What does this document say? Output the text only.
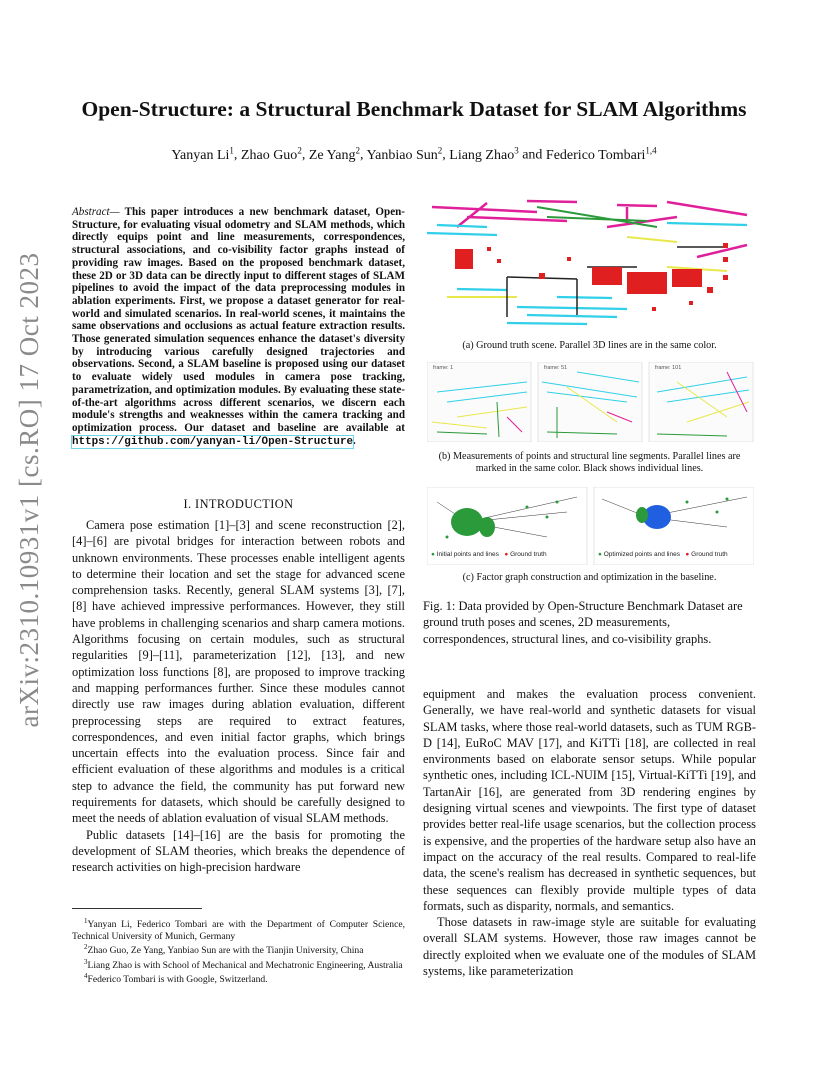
arXiv:2310.10931v1 [cs.RO] 17 Oct 2023
Open-Structure: a Structural Benchmark Dataset for SLAM Algorithms
Yanyan Li$^1$, Zhao Guo$^2$, Ze Yang$^2$, Yanbiao Sun$^2$, Liang Zhao$^3$ and Federico Tombari$^{1,4}$
Abstract— This paper introduces a new benchmark dataset, Open-Structure, for evaluating visual odometry and SLAM methods, which directly equips point and line measurements, correspondences, structural associations, and co-visibility factor graphs instead of providing raw images. Based on the proposed benchmark dataset, these 2D or 3D data can be directly input to different stages of SLAM pipelines to avoid the impact of the data preprocessing modules in ablation experiments. First, we propose a dataset generator for real-world and simulated scenarios. In real-world scenes, it maintains the same observations and occlusions as actual feature extraction results. Those generated simulation sequences enhance the dataset's diversity by introducing various carefully designed trajectories and observations. Second, a SLAM baseline is proposed using our dataset to evaluate widely used modules in camera pose tracking, parametrization, and optimization modules. By evaluating these state-of-the-art algorithms across different scenarios, we discern each module's strengths and weaknesses within the camera tracking and optimization process. Our dataset and baseline are available at https://github.com/yanyan-li/Open-Structure.
I. INTRODUCTION

Camera pose estimation [1]–[3] and scene reconstruction [2], [4]–[6] are pivotal bridges for interaction between robots and unknown environments. These processes enable intelligent agents to determine their location and set the stage for advanced scene comprehension tasks. Recently, general SLAM systems [3], [7], [8] have achieved impressive performances. However, they still have problems in challenging scenarios and sharp camera motions. Algorithms focusing on certain modules, such as structural regularities [9]–[11], parameterization [12], [13], and new optimization loss functions [8], are proposed to improve tracking and mapping performances further. Since these modules cannot directly use raw images during ablation evaluation, different preprocessing steps are required to extract features, correspondences, and even initial factor graphs, which brings uncertain effects into the evaluation process. Since fair and efficient evaluation of these algorithms and modules is a critical step to advance the field, the community has put forward new requirements for datasets, which should be carefully designed to meet the needs of ablation evaluation of visual SLAM methods.

Public datasets [14]–[16] are the basis for promoting the development of SLAM theories, which breaks the dependence of research activities on high-precision hardware

$^1$Yanyan Li, Federico Tombari are with the Department of Computer Science, Technical University of Munich, Germany
$^2$Zhao Guo, Ze Yang, Yanbiao Sun are with the Tianjin University, China
$^3$Liang Zhao is with School of Mechanical and Mechatronic Engineering, Australia
$^4$Federico Tombari is with Google, Switzerland.
(a) Ground truth scene. Parallel 3D lines are in the same color.
frame: 1	frame: 51	frame: 101
(b) Measurements of points and structural line segments. Parallel lines are marked in the same color. Black shows individual lines.
● Initial points and lines ● Ground truth	● Optimized points and lines ● Ground truth
(c) Factor graph construction and optimization in the baseline.
Fig. 1: Data provided by Open-Structure Benchmark Dataset are ground truth poses and scenes, 2D measurements, correspondences, structural lines, and co-visibility graphs.

equipment and makes the evaluation process convenient. Generally, we have real-world and synthetic datasets for visual SLAM tasks, where those real-world datasets, such as TUM RGB-D [14], EuRoC MAV [17], and KiTTi [18], are collected in real environments based on elaborate sensor setups. While popular synthetic ones, including ICL-NUIM [15], Virtual-KiTTi [19], and TartanAir [16], are generated from 3D rendering engines by designing virtual scenes and viewpoints. The first type of dataset provides better real-life usage scenarios, but the collection process is expensive, and the properties of the hardware setup also have an impact on the accuracy of the real results. Compared to real-life data, the scene's realism has decreased in synthetic sequences, but these sequences can flexibly provide multiple types of data formats, such as disparity, normals, and semantics.

Those datasets in raw-image style are suitable for evaluating overall SLAM systems. However, those raw images cannot be directly exploited when we evaluate one of the modules of SLAM systems, like parameterization
